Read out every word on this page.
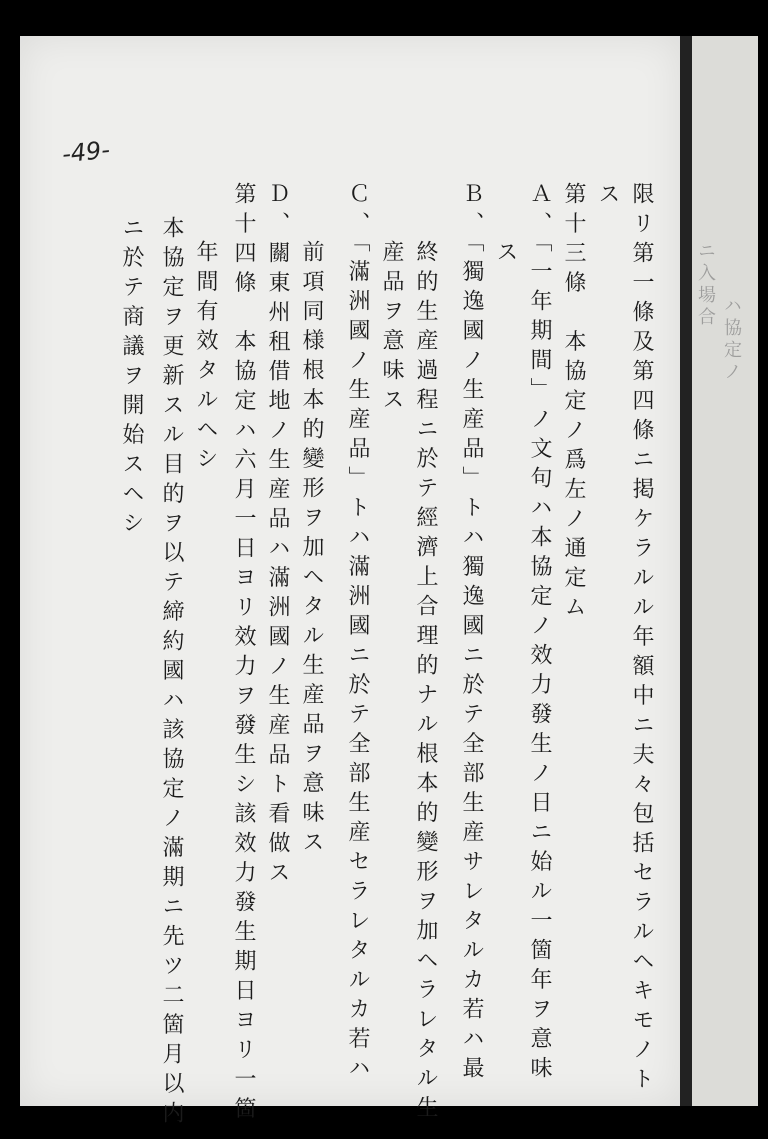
ニ入場合
ハ協定ノ
-49-
限リ第一條及第四條ニ掲ケラルル年額中ニ夫々包括セラルヘキモノト
ス
第十三條　本協定ノ爲左ノ通定ム
Ａ、「一年期間」ノ文句ハ本協定ノ效力發生ノ日ニ始ル一箇年ヲ意味
ス
Ｂ、「獨逸國ノ生産品」トハ獨逸國ニ於テ全部生産サレタルカ若ハ最
終的生産過程ニ於テ經濟上合理的ナル根本的變形ヲ加ヘラレタル生
産品ヲ意味ス
Ｃ、「滿洲國ノ生産品」トハ滿洲國ニ於テ全部生産セラレタルカ若ハ
前項同様根本的變形ヲ加ヘタル生産品ヲ意味ス
Ｄ、關東州租借地ノ生産品ハ滿洲國ノ生産品ト看做ス
第十四條　本協定ハ六月一日ヨリ效力ヲ發生シ該效力發生期日ヨリ一箇
年間有效タルヘシ
本協定ヲ更新スル目的ヲ以テ締約國ハ該協定ノ滿期ニ先ツ二箇月以内
ニ於テ商議ヲ開始スヘシ
